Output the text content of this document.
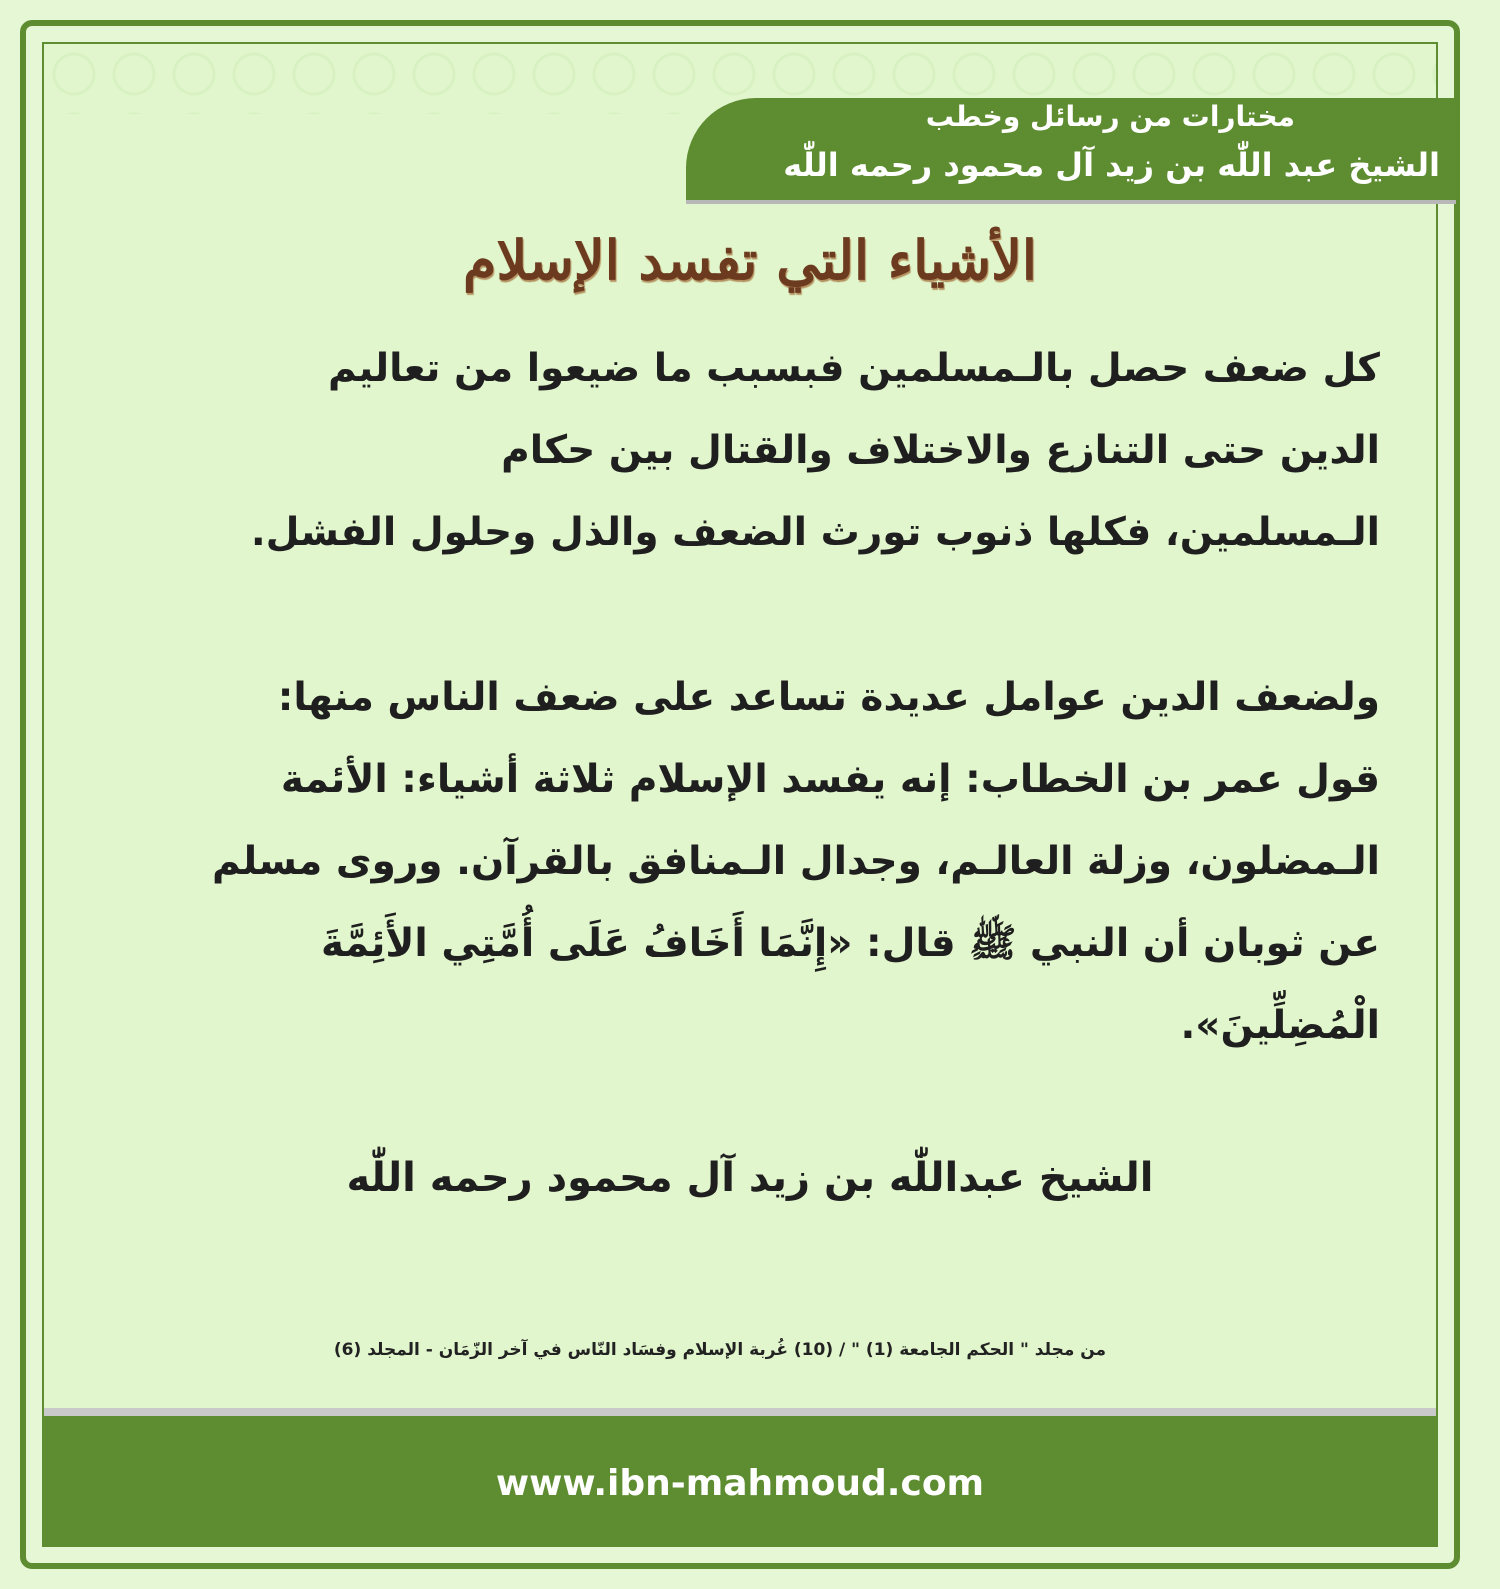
مختارات من رسائل وخطب
الشيخ عبد اللّٰه بن زيد آل محمود رحمه اللّٰه
الأشياء التي تفسد الإسلام
كل ضعف حصل بالـمسلمين فبسبب ما ضيعوا من تعاليم
الدين حتى التنازع والاختلاف والقتال بين حكام
الـمسلمين، فكلها ذنوب تورث الضعف والذل وحلول الفشل.
ولضعف الدين عوامل عديدة تساعد على ضعف الناس منها:
قول عمر بن الخطاب: إنه يفسد الإسلام ثلاثة أشياء: الأئمة
الـمضلون، وزلة العالـم، وجدال الـمنافق بالقرآن. وروى مسلم
عن ثوبان أن النبي ﷺ قال: «إِنَّمَا أَخَافُ عَلَى أُمَّتِي الأَئِمَّةَ
الْمُضِلِّينَ».
الشيخ عبداللّٰه بن زيد آل محمود رحمه اللّٰه
من مجلد " الحكم الجامعة (1) " / (10) غُربة الإسلام وفسَاد النّاس في آخر الزّمَان - المجلد (6)
www.ibn-mahmoud.com
